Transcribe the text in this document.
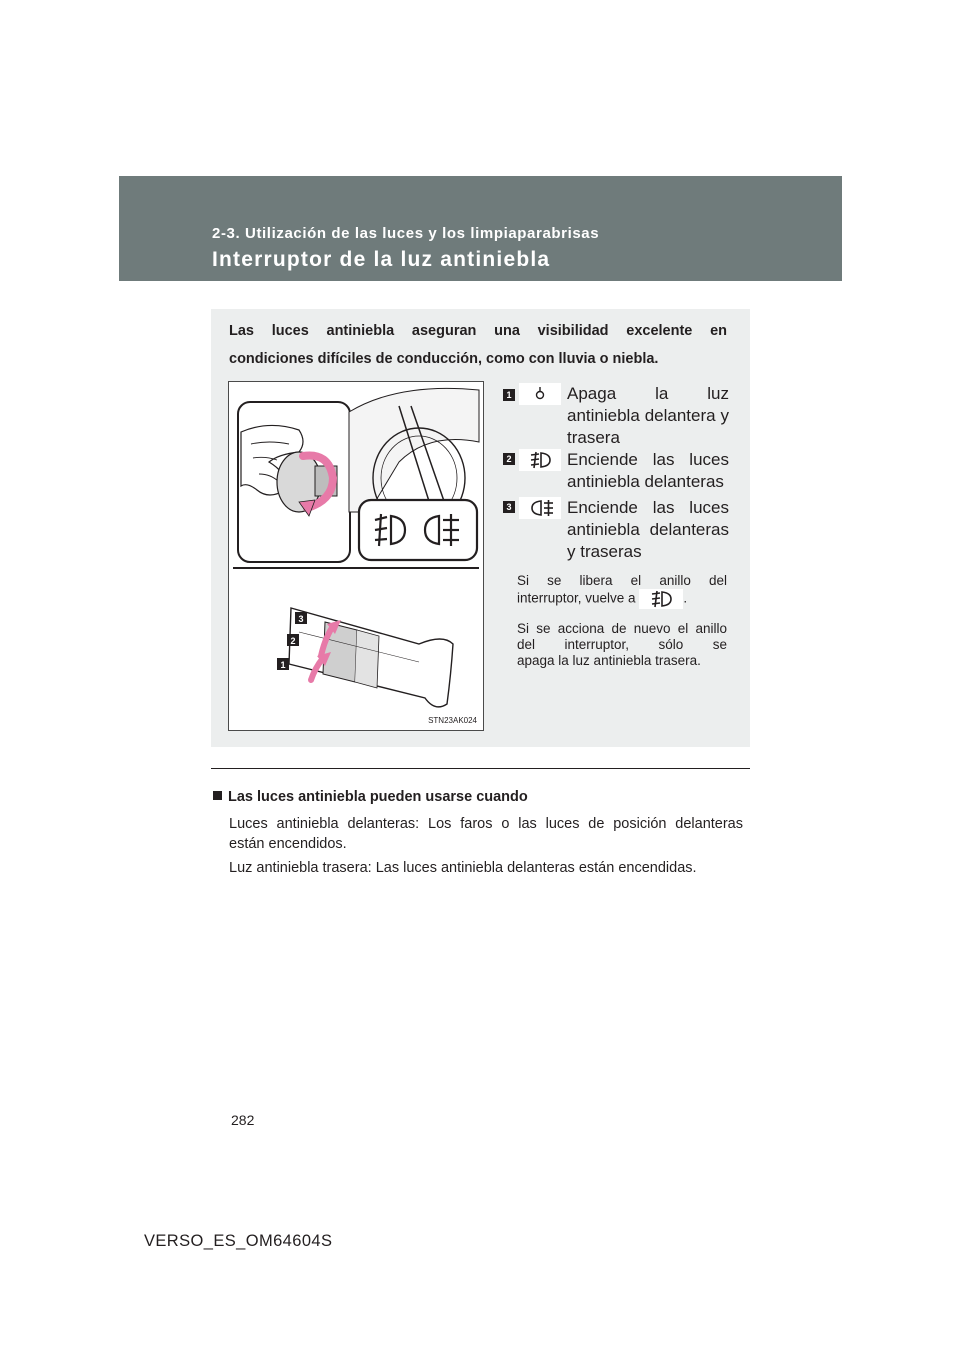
2-3. Utilización de las luces y los limpiaparabrisas
Interruptor de la luz antiniebla
Las luces antiniebla aseguran una visibilidad excelente en
condiciones difíciles de conducción, como con lluvia o niebla.
3
2
1
STN23AK024
1	Apaga la luz antiniebla delantera y
trasera
2	Enciende las luces
antiniebla delanteras
3	Enciende las luces antiniebla delanteras
y traseras
Si se libera el anillo del
interruptor, vuelve a	.
Si se acciona de nuevo el anillo del interruptor, sólo se
apaga la luz antiniebla trasera.
Las luces antiniebla pueden usarse cuando
Luces antiniebla delanteras: Los faros o las luces de posición delanteras
están encendidos.
Luz antiniebla trasera: Las luces antiniebla delanteras están encendidas.
282
VERSO_ES_OM64604S
